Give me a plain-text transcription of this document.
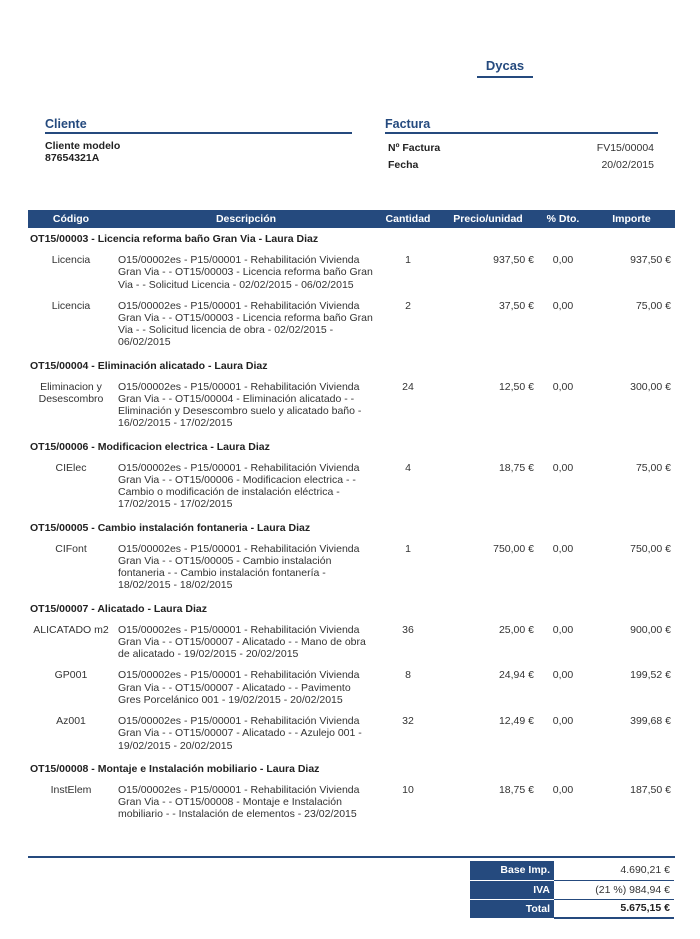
Dycas
Cliente	Factura
Cliente modelo
87654321A
Nº Factura	FV15/00004
Fecha	20/02/2015
Código	Descripción	Cantidad	Precio/unidad	% Dto.	Importe
OT15/00003 - Licencia reforma baño Gran Via - Laura Diaz					
Licencia	O15/00002es - P15/00001 - Rehabilitación Vivienda Gran Via - - OT15/00003 - Licencia reforma baño Gran Via - - Solicitud Licencia - 02/02/2015 - 06/02/2015	1	937,50 €	0,00	937,50 €
Licencia	O15/00002es - P15/00001 - Rehabilitación Vivienda Gran Via - - OT15/00003 - Licencia reforma baño Gran Via - - Solicitud licencia de obra - 02/02/2015 - 06/02/2015	2	37,50 €	0,00	75,00 €
OT15/00004 - Eliminación alicatado - Laura Diaz					
Eliminacion y Desescombro	O15/00002es - P15/00001 - Rehabilitación Vivienda Gran Via - - OT15/00004 - Eliminación alicatado - - Eliminación y Desescombro suelo y alicatado baño - 16/02/2015 - 17/02/2015	24	12,50 €	0,00	300,00 €
OT15/00006 - Modificacion electrica - Laura Diaz					
CIElec	O15/00002es - P15/00001 - Rehabilitación Vivienda Gran Via - - OT15/00006 - Modificacion electrica - - Cambio o modificación de instalación eléctrica - 17/02/2015 - 17/02/2015	4	18,75 €	0,00	75,00 €
OT15/00005 - Cambio instalación fontaneria - Laura Diaz					
CIFont	O15/00002es - P15/00001 - Rehabilitación Vivienda Gran Via - - OT15/00005 - Cambio instalación fontaneria - - Cambio instalación fontanería - 18/02/2015 - 18/02/2015	1	750,00 €	0,00	750,00 €
OT15/00007 - Alicatado - Laura Diaz					
ALICATADO m2	O15/00002es - P15/00001 - Rehabilitación Vivienda Gran Via - - OT15/00007 - Alicatado - - Mano de obra de alicatado - 19/02/2015 - 20/02/2015	36	25,00 €	0,00	900,00 €
GP001	O15/00002es - P15/00001 - Rehabilitación Vivienda Gran Via - - OT15/00007 - Alicatado - - Pavimento Gres Porcelánico 001 - 19/02/2015 - 20/02/2015	8	24,94 €	0,00	199,52 €
Az001	O15/00002es - P15/00001 - Rehabilitación Vivienda Gran Via - - OT15/00007 - Alicatado - - Azulejo 001 - 19/02/2015 - 20/02/2015	32	12,49 €	0,00	399,68 €
OT15/00008 - Montaje e Instalación mobiliario - Laura Diaz					
InstElem	O15/00002es - P15/00001 - Rehabilitación Vivienda Gran Via - - OT15/00008 - Montaje e Instalación mobiliario - - Instalación de elementos - 23/02/2015	10	18,75 €	0,00	187,50 €
Base Imp.	4.690,21 €
IVA	(21 %) 984,94 €
Total	5.675,15 €
